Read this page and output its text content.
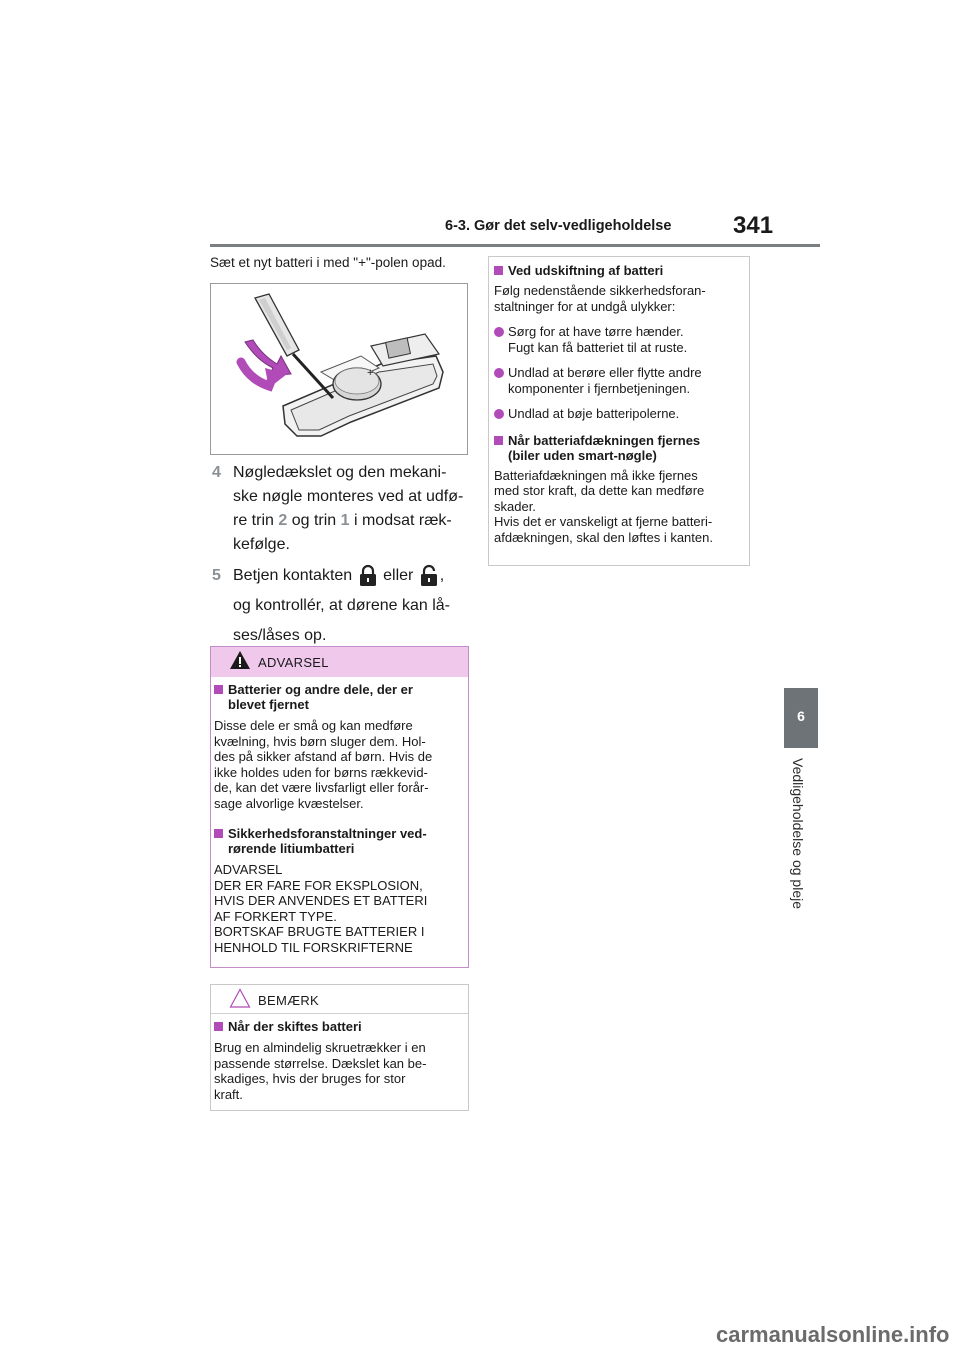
6-3. Gør det selv-vedligeholdelse	341
6
Vedligeholdelse og pleje
Sæt et nyt batteri i med "+"-polen opad.
+
4 Nøgledækslet og den mekani-
ske nøgle monteres ved at udfø-
re trin 2 og trin 1 i modsat ræk-
kefølge.
5 Betjen kontakten eller ,
og kontrollér, at dørene kan lå-
ses/låses op.
ADVARSEL
Batterier og andre dele, der er
blevet fjernet
Disse dele er små og kan medføre
kvælning, hvis børn sluger dem. Hol-
des på sikker afstand af børn. Hvis de
ikke holdes uden for børns rækkevid-
de, kan det være livsfarligt eller forår-
sage alvorlige kvæstelser.
Sikkerhedsforanstaltninger ved-
rørende litiumbatteri
ADVARSEL
DER ER FARE FOR EKSPLOSION,
HVIS DER ANVENDES ET BATTERI
AF FORKERT TYPE.
BORTSKAF BRUGTE BATTERIER I
HENHOLD TIL FORSKRIFTERNE
BEMÆRK
Når der skiftes batteri
Brug en almindelig skruetrækker i en
passende størrelse. Dækslet kan be-
skadiges, hvis der bruges for stor
kraft.
Ved udskiftning af batteri
Følg nedenstående sikkerhedsforan-
staltninger for at undgå ulykker:
Sørg for at have tørre hænder.
Fugt kan få batteriet til at ruste.
Undlad at berøre eller flytte andre
komponenter i fjernbetjeningen.
Undlad at bøje batteripolerne.
Når batteriafdækningen fjernes
(biler uden smart-nøgle)
Batteriafdækningen må ikke fjernes
med stor kraft, da dette kan medføre
skader.
Hvis det er vanskeligt at fjerne batteri-
afdækningen, skal den løftes i kanten.
carmanualsonline.info
